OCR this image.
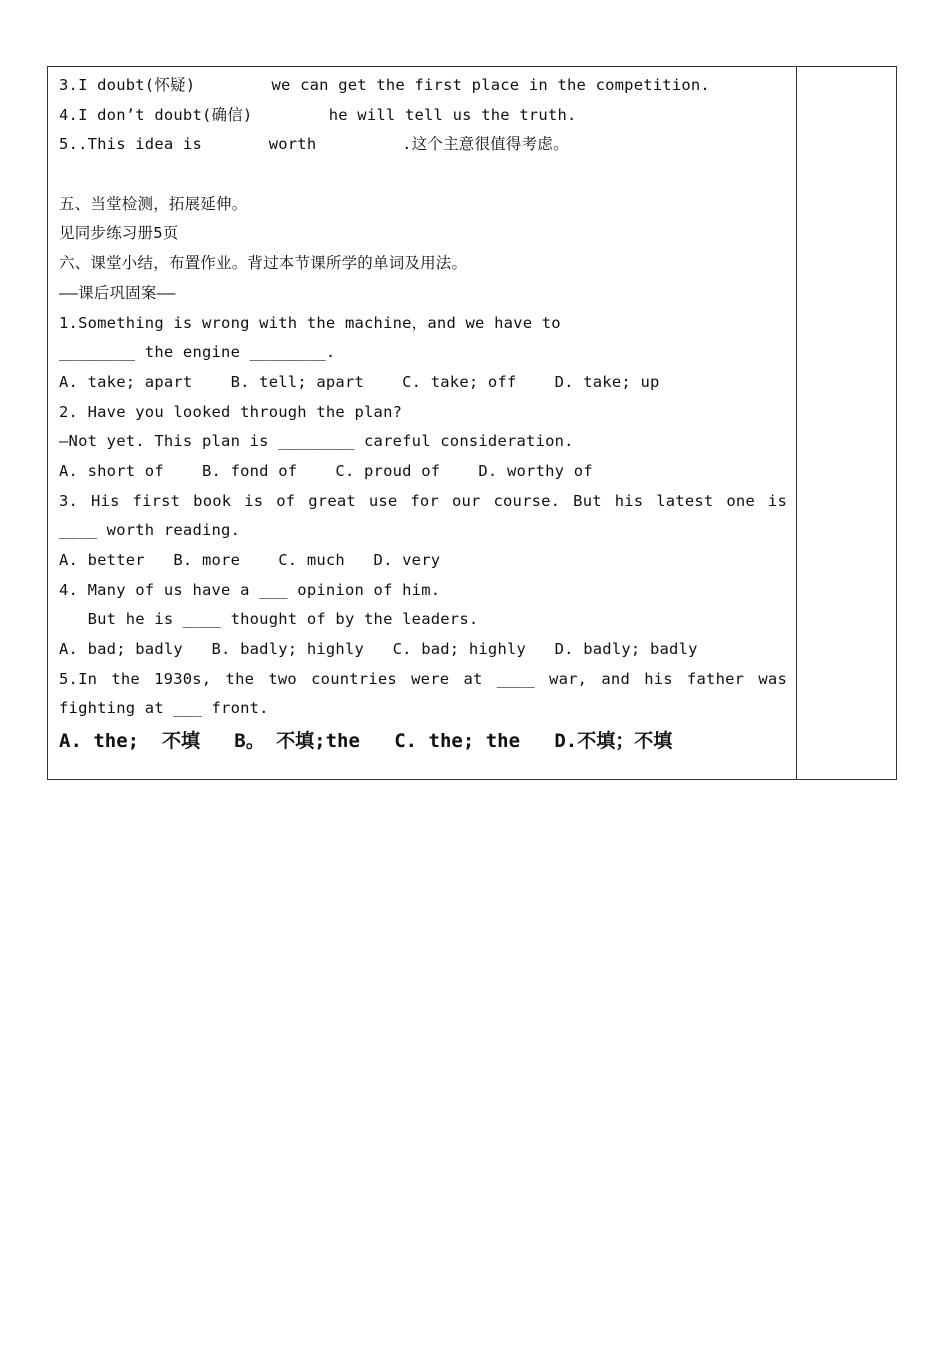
3.I doubt(怀疑)        we can get the first place in the competition.
4.I don’t doubt(确信)        he will tell us the truth.
5..This idea is       worth         .这个主意很值得考虑。
五、当堂检测，拓展延伸。
见同步练习册5页
六、课堂小结，布置作业。背过本节课所学的单词及用法。
——课后巩固案——
1.Something is wrong with the machine，and we have to
________ the engine ________.
A. take; apart    B. tell; apart    C. take; off    D. take; up
2. Have you looked through the plan?
—Not yet. This plan is ________ careful consideration.
A. short of    B. fond of    C. proud of    D. worthy of
3. His first book is of great use for our course. But his latest one is
____ worth reading.
A. better   B. more    C. much   D. very
4. Many of us have a ___ opinion of him.
But he is ____ thought of by the leaders.
A. bad; badly   B. badly; highly   C. bad; highly   D. badly; badly
5.In the 1930s, the two countries were at ____ war, and his father was
fighting at ___ front.
A. the;  不填   B。 不填;the   C. the; the   D.不填；不填
